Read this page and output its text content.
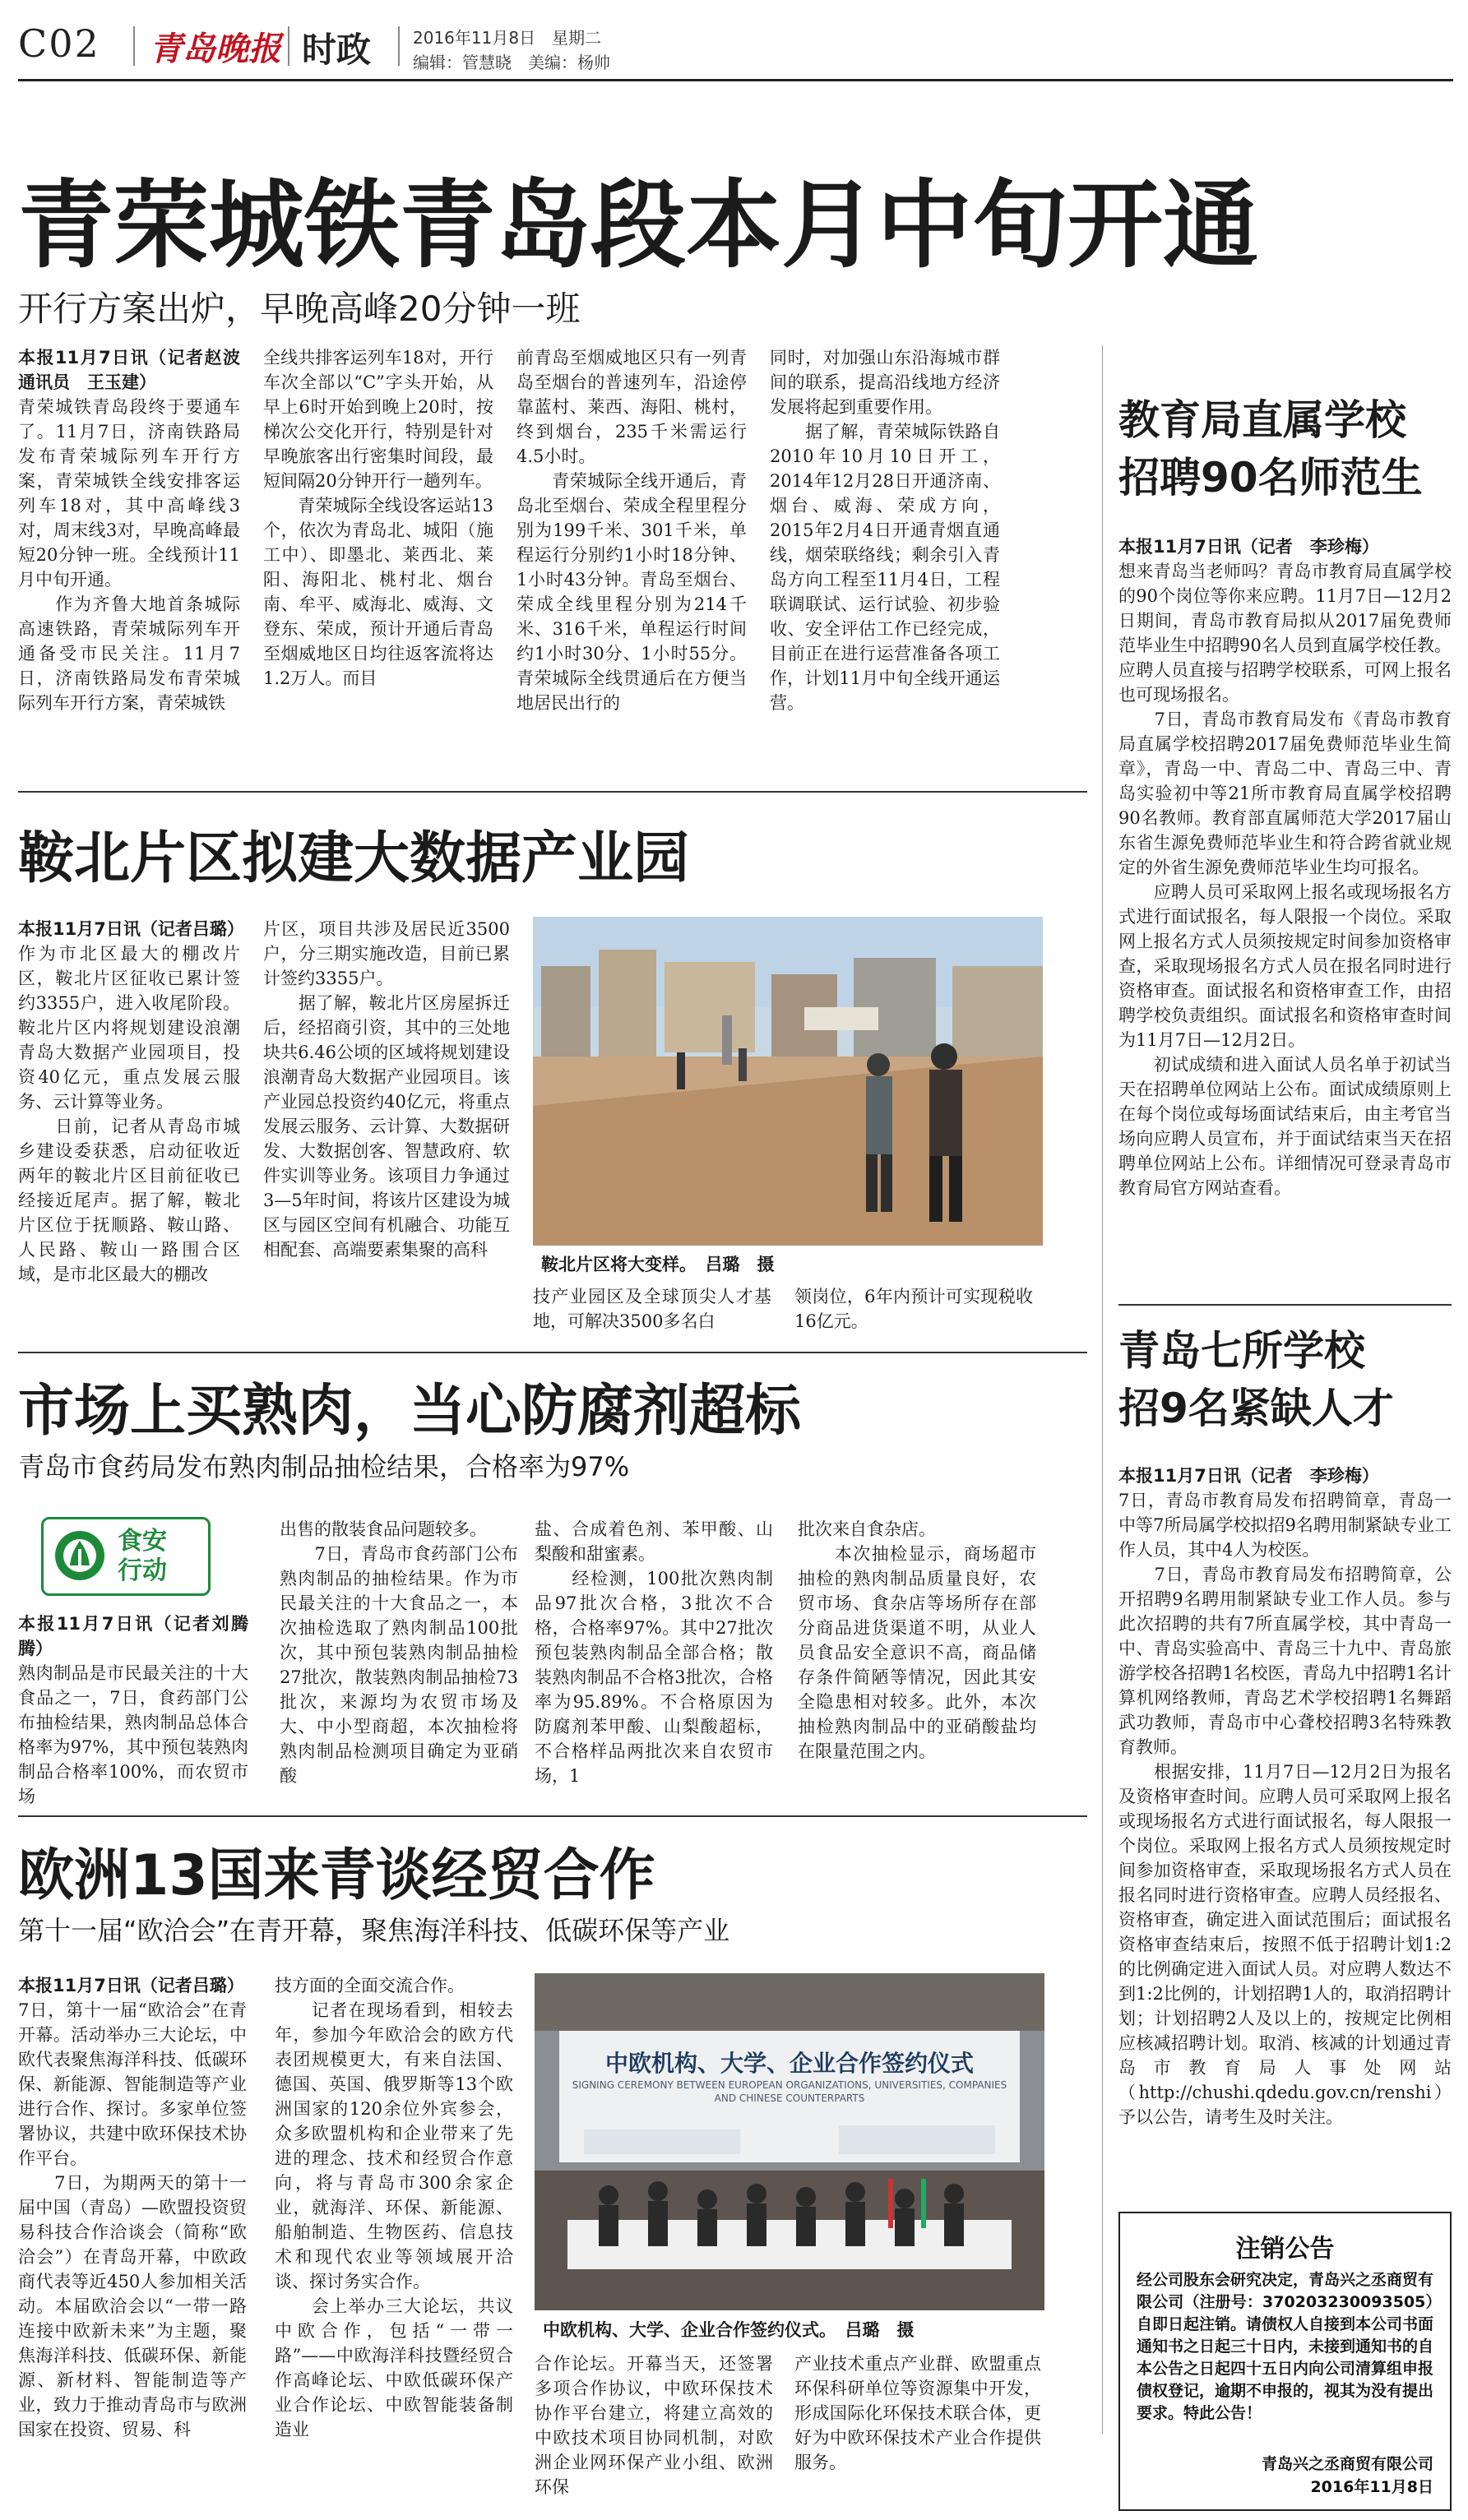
C02 青岛晚报 时政	2016年11月8日　星期二
编辑：管慧晓　美编：杨帅
青荣城铁青岛段本月中旬开通
开行方案出炉，早晚高峰20分钟一班
本报11月7日讯（记者赵波　通讯员　王玉建）
青荣城铁青岛段终于要通车了。11月7日，济南铁路局发布青荣城际列车开行方案，青荣城铁全线安排客运列车18对，其中高峰线3对，周末线3对，早晚高峰最短20分钟一班。全线预计11月中旬开通。
　　作为齐鲁大地首条城际高速铁路，青荣城际列车开通备受市民关注。11月7日，济南铁路局发布青荣城际列车开行方案，青荣城铁
全线共排客运列车18对，开行车次全部以“C”字头开始，从早上6时开始到晚上20时，按梯次公交化开行，特别是针对早晚旅客出行密集时间段，最短间隔20分钟开行一趟列车。
　　青荣城际全线设客运站13个，依次为青岛北、城阳（施工中）、即墨北、莱西北、莱阳、海阳北、桃村北、烟台南、牟平、威海北、威海、文登东、荣成，预计开通后青岛至烟威地区日均往返客流将达1.2万人。而目
前青岛至烟威地区只有一列青岛至烟台的普速列车，沿途停靠蓝村、莱西、海阳、桃村，终到烟台，235千米需运行4.5小时。
　　青荣城际全线开通后，青岛北至烟台、荣成全程里程分别为199千米、301千米，单程运行分别约1小时18分钟、1小时43分钟。青岛至烟台、荣成全线里程分别为214千米、316千米，单程运行时间约1小时30分、1小时55分。青荣城际全线贯通后在方便当地居民出行的
同时，对加强山东沿海城市群间的联系，提高沿线地方经济发展将起到重要作用。
　　据了解，青荣城际铁路自2010年10月10日开工，2014年12月28日开通济南、烟台、威海、荣成方向，2015年2月4日开通青烟直通线，烟荣联络线；剩余引入青岛方向工程至11月4日，工程联调联试、运行试验、初步验收、安全评估工作已经完成，目前正在进行运营准备各项工作，计划11月中旬全线开通运营。
鞍北片区拟建大数据产业园
本报11月7日讯（记者吕璐）
作为市北区最大的棚改片区，鞍北片区征收已累计签约3355户，进入收尾阶段。鞍北片区内将规划建设浪潮青岛大数据产业园项目，投资40亿元，重点发展云服务、云计算等业务。
　　日前，记者从青岛市城乡建设委获悉，启动征收近两年的鞍北片区目前征收已经接近尾声。据了解，鞍北片区位于抚顺路、鞍山路、人民路、鞍山一路围合区域，是市北区最大的棚改
片区，项目共涉及居民近3500户，分三期实施改造，目前已累计签约3355户。
　　据了解，鞍北片区房屋拆迁后，经招商引资，其中的三处地块共6.46公顷的区域将规划建设浪潮青岛大数据产业园项目。该产业园总投资约40亿元，将重点发展云服务、云计算、大数据研发、大数据创客、智慧政府、软件实训等业务。该项目力争通过3—5年时间，将该片区建设为城区与园区空间有机融合、功能互相配套、高端要素集聚的高科
鞍北片区将大变样。　吕璐　摄
技产业园区及全球顶尖人才基地，可解决3500多名白
领岗位，6年内预计可实现税收16亿元。
市场上买熟肉，当心防腐剂超标
青岛市食药局发布熟肉制品抽检结果，合格率为97%
食安
行动
本报11月7日讯（记者刘腾腾）
熟肉制品是市民最关注的十大食品之一，7日，食药部门公布抽检结果，熟肉制品总体合格率为97%，其中预包装熟肉制品合格率100%，而农贸市场
出售的散装食品问题较多。
　　7日，青岛市食药部门公布熟肉制品的抽检结果。作为市民最关注的十大食品之一，本次抽检选取了熟肉制品100批次，其中预包装熟肉制品抽检27批次，散装熟肉制品抽检73批次，来源均为农贸市场及大、中小型商超，本次抽检将熟肉制品检测项目确定为亚硝酸
盐、合成着色剂、苯甲酸、山梨酸和甜蜜素。
　　经检测，100批次熟肉制品97批次合格，3批次不合格，合格率97%。其中27批次预包装熟肉制品全部合格；散装熟肉制品不合格3批次，合格率为95.89%。不合格原因为防腐剂苯甲酸、山梨酸超标，不合格样品两批次来自农贸市场，1
批次来自食杂店。
　　本次抽检显示，商场超市抽检的熟肉制品质量良好，农贸市场、食杂店等场所存在部分商品进货渠道不明，从业人员食品安全意识不高，商品储存条件简陋等情况，因此其安全隐患相对较多。此外，本次抽检熟肉制品中的亚硝酸盐均在限量范围之内。
欧洲13国来青谈经贸合作
第十一届“欧洽会”在青开幕，聚焦海洋科技、低碳环保等产业
本报11月7日讯（记者吕璐）
7日，第十一届“欧洽会”在青开幕。活动举办三大论坛，中欧代表聚焦海洋科技、低碳环保、新能源、智能制造等产业进行合作、探讨。多家单位签署协议，共建中欧环保技术协作平台。
　　7日，为期两天的第十一届中国（青岛）—欧盟投资贸易科技合作洽谈会（简称“欧洽会”）在青岛开幕，中欧政商代表等近450人参加相关活动。本届欧洽会以“一带一路连接中欧新未来”为主题，聚焦海洋科技、低碳环保、新能源、新材料、智能制造等产业，致力于推动青岛市与欧洲国家在投资、贸易、科
技方面的全面交流合作。
　　记者在现场看到，相较去年，参加今年欧洽会的欧方代表团规模更大，有来自法国、德国、英国、俄罗斯等13个欧洲国家的120余位外宾参会，众多欧盟机构和企业带来了先进的理念、技术和经贸合作意向，将与青岛市300余家企业，就海洋、环保、新能源、船舶制造、生物医药、信息技术和现代农业等领域展开洽谈、探讨务实合作。
　　会上举办三大论坛，共议中欧合作，包括“一带一路”——中欧海洋科技暨经贸合作高峰论坛、中欧低碳环保产业合作论坛、中欧智能装备制造业
中欧机构、大学、企业合作签约仪式
SIGNING CEREMONY BETWEEN EUROPEAN ORGANIZATIONS, UNIVERSITIES, COMPANIES AND CHINESE COUNTERPARTS
中欧机构、大学、企业合作签约仪式。　吕璐　摄
合作论坛。开幕当天，还签署多项合作协议，中欧环保技术协作平台建立，将建立高效的中欧技术项目协同机制，对欧洲企业网环保产业小组、欧洲环保
产业技术重点产业群、欧盟重点环保科研单位等资源集中开发，形成国际化环保技术联合体，更好为中欧环保技术产业合作提供服务。
教育局直属学校
招聘90名师范生
本报11月7日讯（记者　李珍梅）
想来青岛当老师吗？青岛市教育局直属学校的90个岗位等你来应聘。11月7日—12月2日期间，青岛市教育局拟从2017届免费师范毕业生中招聘90名人员到直属学校任教。应聘人员直接与招聘学校联系，可网上报名也可现场报名。
　　7日，青岛市教育局发布《青岛市教育局直属学校招聘2017届免费师范毕业生简章》，青岛一中、青岛二中、青岛三中、青岛实验初中等21所市教育局直属学校招聘90名教师。教育部直属师范大学2017届山东省生源免费师范毕业生和符合跨省就业规定的外省生源免费师范毕业生均可报名。
　　应聘人员可采取网上报名或现场报名方式进行面试报名，每人限报一个岗位。采取网上报名方式人员须按规定时间参加资格审查，采取现场报名方式人员在报名同时进行资格审查。面试报名和资格审查工作，由招聘学校负责组织。面试报名和资格审查时间为11月7日—12月2日。
　　初试成绩和进入面试人员名单于初试当天在招聘单位网站上公布。面试成绩原则上在每个岗位或每场面试结束后，由主考官当场向应聘人员宣布，并于面试结束当天在招聘单位网站上公布。详细情况可登录青岛市教育局官方网站查看。
青岛七所学校
招9名紧缺人才
本报11月7日讯（记者　李珍梅）
7日，青岛市教育局发布招聘简章，青岛一中等7所局属学校拟招9名聘用制紧缺专业工作人员，其中4人为校医。
　　7日，青岛市教育局发布招聘简章，公开招聘9名聘用制紧缺专业工作人员。参与此次招聘的共有7所直属学校，其中青岛一中、青岛实验高中、青岛三十九中、青岛旅游学校各招聘1名校医，青岛九中招聘1名计算机网络教师，青岛艺术学校招聘1名舞蹈武功教师，青岛市中心聋校招聘3名特殊教育教师。
　　根据安排，11月7日—12月2日为报名及资格审查时间。应聘人员可采取网上报名或现场报名方式进行面试报名，每人限报一个岗位。采取网上报名方式人员须按规定时间参加资格审查，采取现场报名方式人员在报名同时进行资格审查。应聘人员经报名、资格审查，确定进入面试范围后；面试报名资格审查结束后，按照不低于招聘计划1:2的比例确定进入面试人员。对应聘人数达不到1:2比例的，计划招聘1人的，取消招聘计划；计划招聘2人及以上的，按规定比例相应核减招聘计划。取消、核减的计划通过青岛市教育局人事处网站（http://chushi.qdedu.gov.cn/renshi）予以公告，请考生及时关注。
注销公告
经公司股东会研究决定，青岛兴之丞商贸有限公司（注册号：370203230093505）自即日起注销。请债权人自接到本公司书面通知书之日起三十日内，未接到通知书的自本公告之日起四十五日内向公司清算组申报债权登记，逾期不申报的，视其为没有提出要求。特此公告！
青岛兴之丞商贸有限公司
2016年11月8日
